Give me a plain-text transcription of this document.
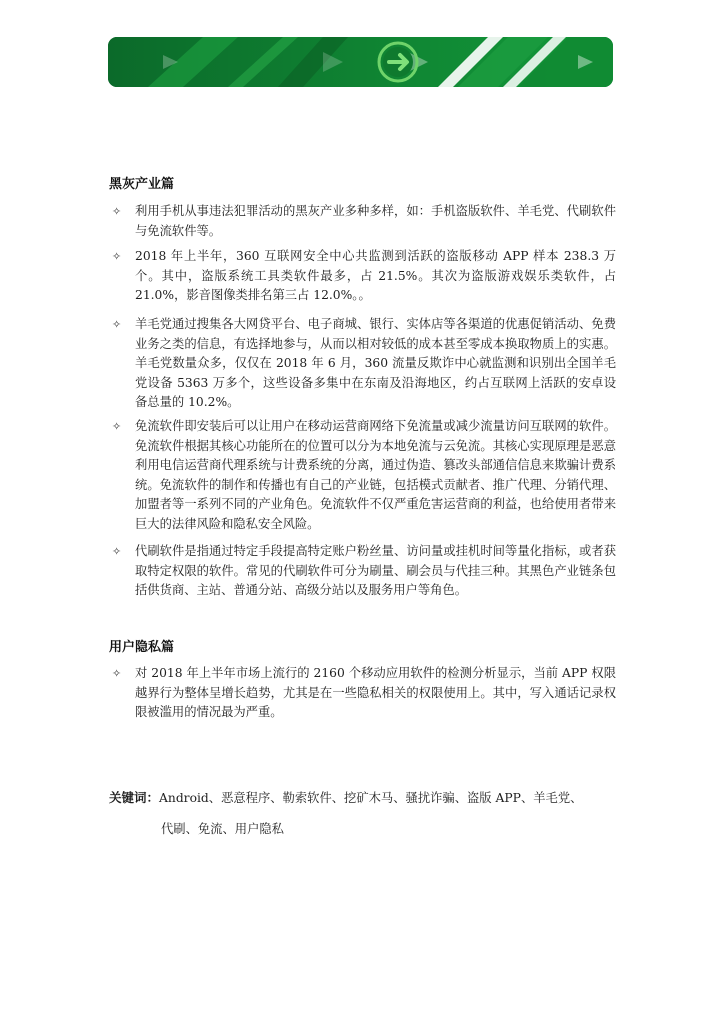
黑灰产业篇
✧ 利用手机从事违法犯罪活动的黑灰产业多种多样，如：手机盗版软件、羊毛党、代刷软件与免流软件等。
✧ 2018 年上半年，360 互联网安全中心共监测到活跃的盗版移动 APP 样本 238.3 万个。其中，盗版系统工具类软件最多，占 21.5%。其次为盗版游戏娱乐类软件，占 21.0%，影音图像类排名第三占 12.0%。。
✧ 羊毛党通过搜集各大网贷平台、电子商城、银行、实体店等各渠道的优惠促销活动、免费业务之类的信息，有选择地参与，从而以相对较低的成本甚至零成本换取物质上的实惠。羊毛党数量众多，仅仅在 2018 年 6 月，360 流量反欺诈中心就监测和识别出全国羊毛党设备 5363 万多个，这些设备多集中在东南及沿海地区，约占互联网上活跃的安卓设备总量的 10.2%。
✧ 免流软件即安装后可以让用户在移动运营商网络下免流量或减少流量访问互联网的软件。免流软件根据其核心功能所在的位置可以分为本地免流与云免流。其核心实现原理是恶意利用电信运营商代理系统与计费系统的分离，通过伪造、篡改头部通信信息来欺骗计费系统。免流软件的制作和传播也有自己的产业链，包括模式贡献者、推广代理、分销代理、加盟者等一系列不同的产业角色。免流软件不仅严重危害运营商的利益，也给使用者带来巨大的法律风险和隐私安全风险。
✧ 代刷软件是指通过特定手段提高特定账户粉丝量、访问量或挂机时间等量化指标，或者获取特定权限的软件。常见的代刷软件可分为刷量、刷会员与代挂三种。其黑色产业链条包括供货商、主站、普通分站、高级分站以及服务用户等角色。
用户隐私篇
✧ 对 2018 年上半年市场上流行的 2160 个移动应用软件的检测分析显示，当前 APP 权限越界行为整体呈增长趋势，尤其是在一些隐私相关的权限使用上。其中，写入通话记录权限被滥用的情况最为严重。
关键词：Android、恶意程序、勒索软件、挖矿木马、骚扰诈骗、盗版 APP、羊毛党、
代刷、免流、用户隐私
